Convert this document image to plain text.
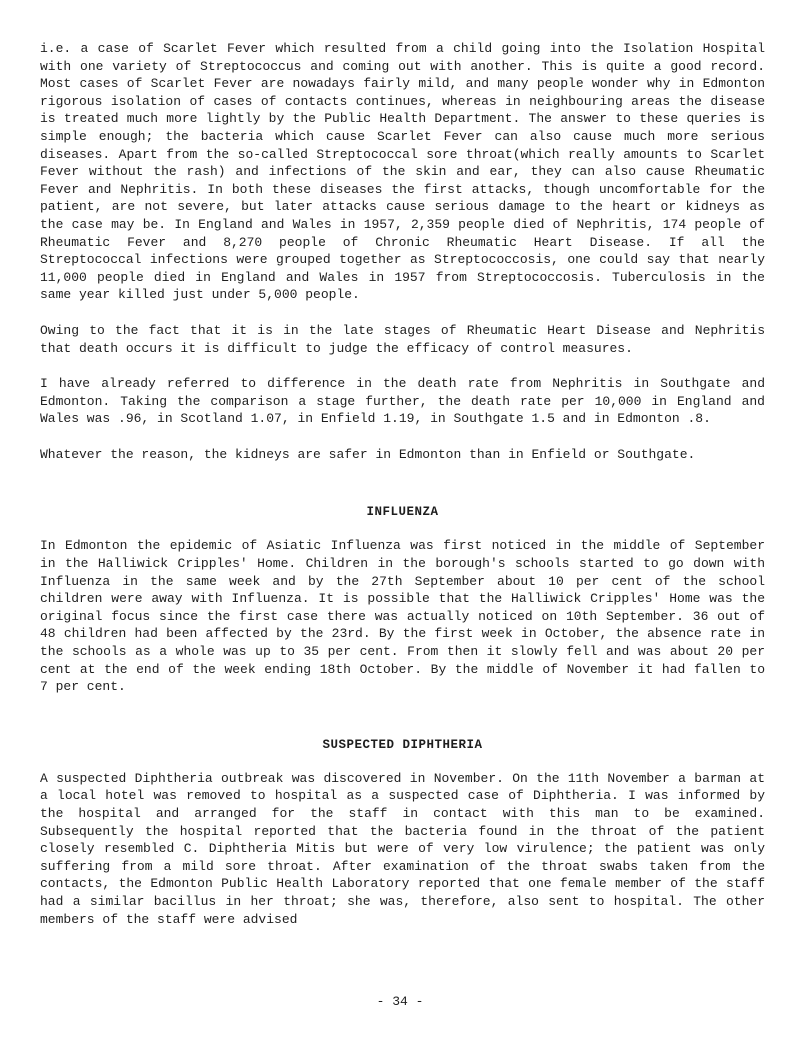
i.e. a case of Scarlet Fever which resulted from a child going into the Isolation Hospital with one variety of Streptococcus and coming out with another. This is quite a good record. Most cases of Scarlet Fever are nowadays fairly mild, and many people wonder why in Edmonton rigorous isolation of cases of contacts continues, whereas in neighbouring areas the disease is treated much more lightly by the Public Health Department. The answer to these queries is simple enough; the bacteria which cause Scarlet Fever can also cause much more serious diseases. Apart from the so-called Streptococcal sore throat(which really amounts to Scarlet Fever without the rash) and infections of the skin and ear, they can also cause Rheumatic Fever and Nephritis. In both these diseases the first attacks, though uncomfortable for the patient, are not severe, but later attacks cause serious damage to the heart or kidneys as the case may be. In England and Wales in 1957, 2,359 people died of Nephritis, 174 people of Rheumatic Fever and 8,270 people of Chronic Rheumatic Heart Disease. If all the Streptococcal infections were grouped together as Streptococcosis, one could say that nearly 11,000 people died in England and Wales in 1957 from Streptococcosis. Tuberculosis in the same year killed just under 5,000 people.

Owing to the fact that it is in the late stages of Rheumatic Heart Disease and Nephritis that death occurs it is difficult to judge the efficacy of control measures.

I have already referred to difference in the death rate from Nephritis in Southgate and Edmonton. Taking the comparison a stage further, the death rate per 10,000 in England and Wales was .96, in Scotland 1.07, in Enfield 1.19, in Southgate 1.5 and in Edmonton .8.

Whatever the reason, the kidneys are safer in Edmonton than in Enfield or Southgate.

INFLUENZA

In Edmonton the epidemic of Asiatic Influenza was first noticed in the middle of September in the Halliwick Cripples' Home. Children in the borough's schools started to go down with Influenza in the same week and by the 27th September about 10 per cent of the school children were away with Influenza. It is possible that the Halliwick Cripples' Home was the original focus since the first case there was actually noticed on 10th September. 36 out of 48 children had been affected by the 23rd. By the first week in October, the absence rate in the schools as a whole was up to 35 per cent. From then it slowly fell and was about 20 per cent at the end of the week ending 18th October. By the middle of November it had fallen to 7 per cent.

SUSPECTED DIPHTHERIA

A suspected Diphtheria outbreak was discovered in November. On the 11th November a barman at a local hotel was removed to hospital as a suspected case of Diphtheria. I was informed by the hospital and arranged for the staff in contact with this man to be examined. Subsequently the hospital reported that the bacteria found in the throat of the patient closely resembled C. Diphtheria Mitis but were of very low virulence; the patient was only suffering from a mild sore throat. After examination of the throat swabs taken from the contacts, the Edmonton Public Health Laboratory reported that one female member of the staff had a similar bacillus in her throat; she was, therefore, also sent to hospital. The other members of the staff were advised

- 34 -
